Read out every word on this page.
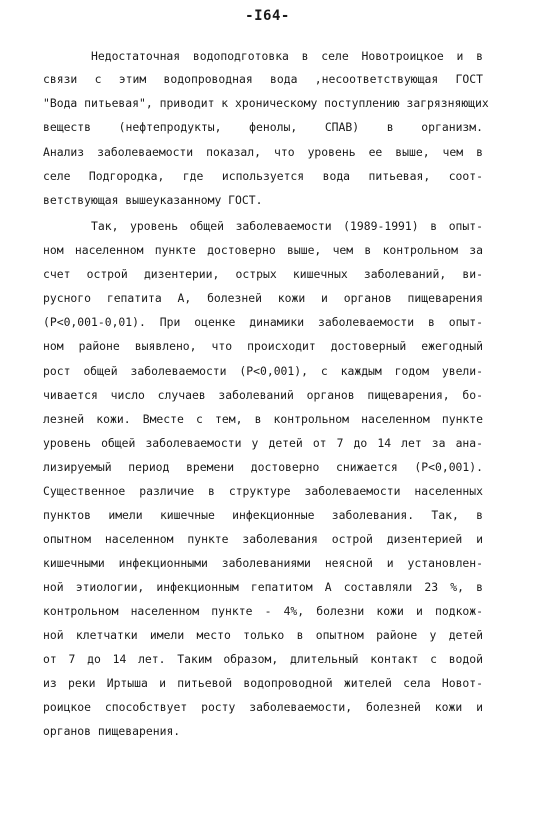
-I64-
Недостаточная водоподготовка в селе Новотроицкое и в
связи с этим водопроводная вода ,несоответствующая ГОСТ
"Вода питьевая", приводит к хроническому поступлению загрязняющих
веществ (нефтепродукты, фенолы, СПАВ) в организм.
Анализ заболеваемости показал, что уровень ее выше, чем в
селе Подгородка, где используется вода питьевая, соот-
ветствующая вышеуказанному ГОСТ.
Так, уровень общей заболеваемости (1989-1991) в опыт-
ном населенном пункте достоверно выше, чем в контрольном за
счет острой дизентерии, острых кишечных заболеваний, ви-
русного гепатита А, болезней кожи и органов пищеварения
(P<0,001-0,01). При оценке динамики заболеваемости в опыт-
ном районе выявлено, что происходит достоверный ежегодный
рост общей заболеваемости (P<0,001), с каждым годом увели-
чивается число случаев заболеваний органов пищеварения, бо-
лезней кожи. Вместе с тем, в контрольном населенном пункте
уровень общей заболеваемости у детей от 7 до 14 лет за ана-
лизируемый период времени достоверно снижается (P<0,001).
Существенное различие в структуре заболеваемости населенных
пунктов имели кишечные инфекционные заболевания. Так, в
опытном населенном пункте заболевания острой дизентерией и
кишечными инфекционными заболеваниями неясной и установлен-
ной этиологии, инфекционным гепатитом А составляли 23 %, в
контрольном населенном пункте - 4%, болезни кожи и подкож-
ной клетчатки имели место только в опытном районе у детей
от 7 до 14 лет. Таким образом, длительный контакт с водой
из реки Иртыша и питьевой водопроводной жителей села Новот-
роицкое способствует росту заболеваемости, болезней кожи и
органов пищеварения.
